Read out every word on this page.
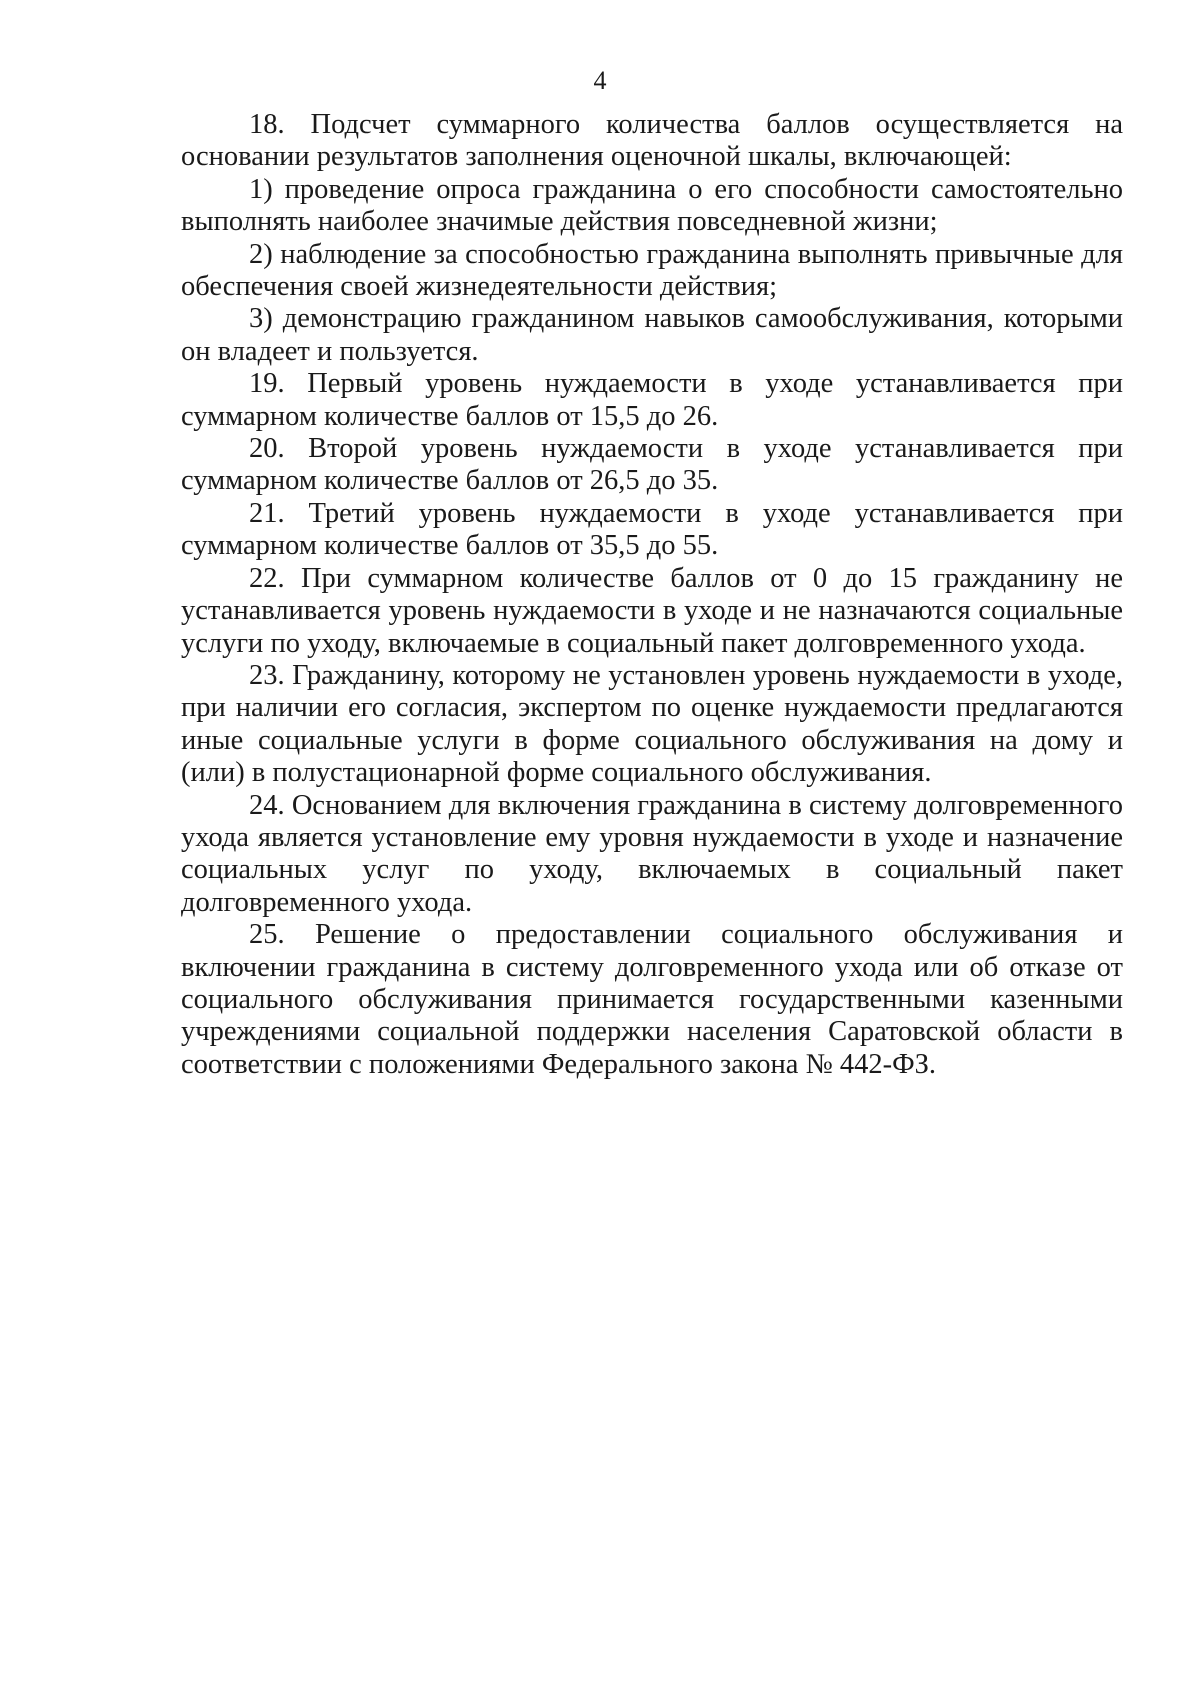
4

18. Подсчет суммарного количества баллов осуществляется на основании результатов заполнения оценочной шкалы, включающей:

1) проведение опроса гражданина о его способности самостоятельно выполнять наиболее значимые действия повседневной жизни;

2) наблюдение за способностью гражданина выполнять привычные для обеспечения своей жизнедеятельности действия;

3) демонстрацию гражданином навыков самообслуживания, которыми он владеет и пользуется.

19. Первый уровень нуждаемости в уходе устанавливается при суммарном количестве баллов от 15,5 до 26.

20. Второй уровень нуждаемости в уходе устанавливается при суммарном количестве баллов от 26,5 до 35.

21. Третий уровень нуждаемости в уходе устанавливается при суммарном количестве баллов от 35,5 до 55.

22. При суммарном количестве баллов от 0 до 15 гражданину не устанавливается уровень нуждаемости в уходе и не назначаются социальные услуги по уходу, включаемые в социальный пакет долговременного ухода.

23. Гражданину, которому не установлен уровень нуждаемости в уходе, при наличии его согласия, экспертом по оценке нуждаемости предлагаются иные социальные услуги в форме социального обслуживания на дому и (или) в полустационарной форме социального обслуживания.

24. Основанием для включения гражданина в систему долговременного ухода является установление ему уровня нуждаемости в уходе и назначение социальных услуг по уходу, включаемых в социальный пакет долговременного ухода.

25. Решение о предоставлении социального обслуживания и включении гражданина в систему долговременного ухода или об отказе от социального обслуживания принимается государственными казенными учреждениями социальной поддержки населения Саратовской области в соответствии с положениями Федерального закона № 442-ФЗ.
